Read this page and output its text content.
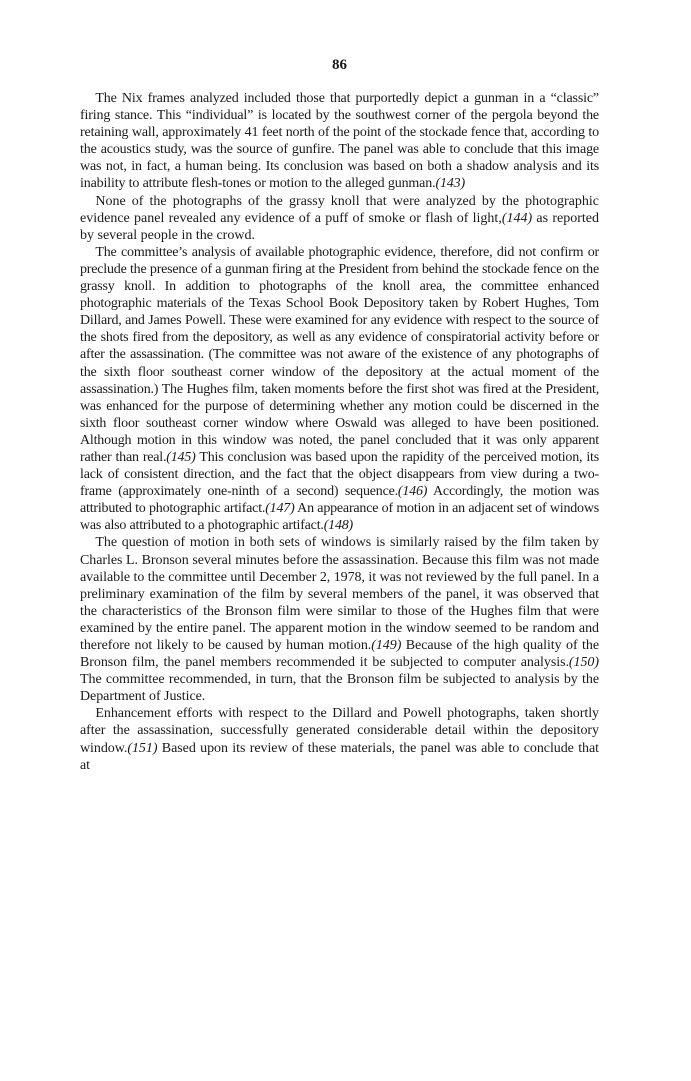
86

The Nix frames analyzed included those that purportedly depict a gunman in a “classic” firing stance. This “individual” is located by the southwest corner of the pergola beyond the retaining wall, approximately 41 feet north of the point of the stockade fence that, according to the acoustics study, was the source of gunfire. The panel was able to conclude that this image was not, in fact, a human being. Its conclusion was based on both a shadow analysis and its inability to attribute flesh-tones or motion to the alleged gunman.(143)

None of the photographs of the grassy knoll that were analyzed by the photographic evidence panel revealed any evidence of a puff of smoke or flash of light,(144) as reported by several people in the crowd.

The committee’s analysis of available photographic evidence, therefore, did not confirm or preclude the presence of a gunman firing at the President from behind the stockade fence on the grassy knoll. In addition to photographs of the knoll area, the committee enhanced photographic materials of the Texas School Book Depository taken by Robert Hughes, Tom Dillard, and James Powell. These were examined for any evidence with respect to the source of the shots fired from the depository, as well as any evidence of conspiratorial activity before or after the assassination. (The committee was not aware of the existence of any photographs of the sixth floor southeast corner window of the depository at the actual moment of the assassination.) The Hughes film, taken moments before the first shot was fired at the President, was enhanced for the purpose of determining whether any motion could be discerned in the sixth floor southeast corner window where Oswald was alleged to have been positioned. Although motion in this window was noted, the panel concluded that it was only apparent rather than real.(145) This conclusion was based upon the rapidity of the perceived motion, its lack of consistent direction, and the fact that the object disappears from view during a two-frame (approximately one-ninth of a second) sequence.(146) Accordingly, the motion was attributed to photographic artifact.(147) An appearance of motion in an adjacent set of windows was also attributed to a photographic artifact.(148)

The question of motion in both sets of windows is similarly raised by the film taken by Charles L. Bronson several minutes before the assassination. Because this film was not made available to the committee until December 2, 1978, it was not reviewed by the full panel. In a preliminary examination of the film by several members of the panel, it was observed that the characteristics of the Bronson film were similar to those of the Hughes film that were examined by the entire panel. The apparent motion in the window seemed to be random and therefore not likely to be caused by human motion.(149) Because of the high quality of the Bronson film, the panel members recommended it be subjected to computer analysis.(150) The committee recommended, in turn, that the Bronson film be subjected to analysis by the Department of Justice.

Enhancement efforts with respect to the Dillard and Powell photographs, taken shortly after the assassination, successfully generated considerable detail within the depository window.(151) Based upon its review of these materials, the panel was able to conclude that at
